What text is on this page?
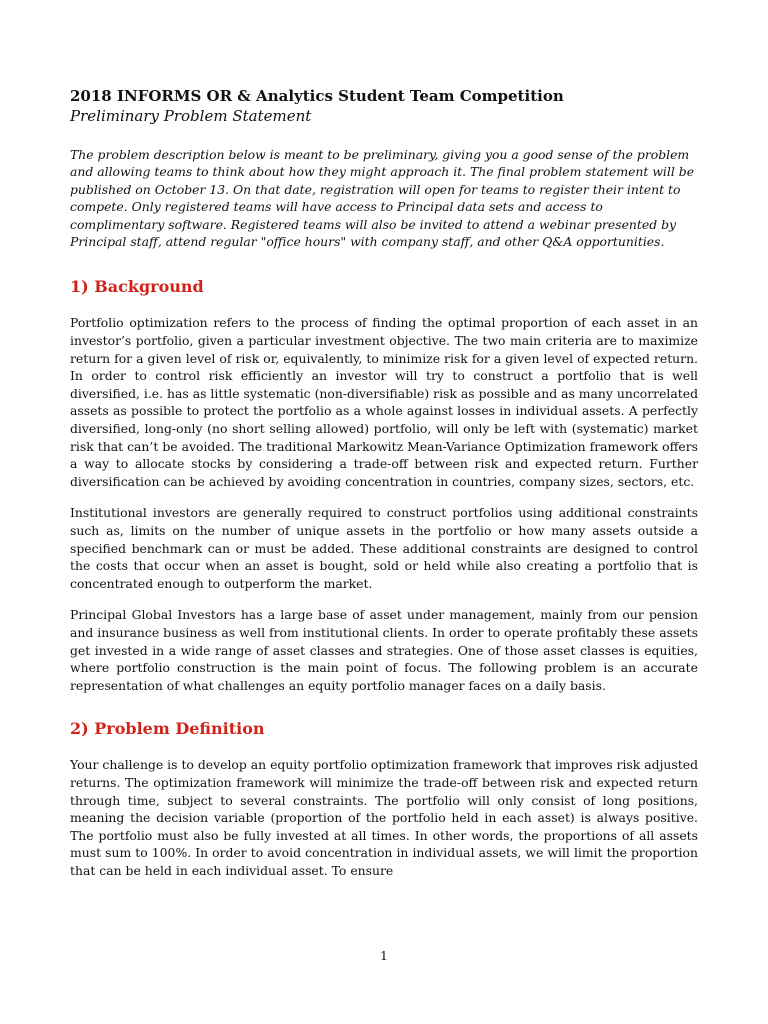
2018 INFORMS OR & Analytics Student Team Competition

Preliminary Problem Statement

The problem description below is meant to be preliminary, giving you a good sense of the problem and allowing teams to think about how they might approach it. The final problem statement will be published on October 13. On that date, registration will open for teams to register their intent to compete. Only registered teams will have access to Principal data sets and access to complimentary software. Registered teams will also be invited to attend a webinar presented by Principal staff, attend regular "office hours" with company staff, and other Q&A opportunities.

1) Background

Portfolio optimization refers to the process of finding the optimal proportion of each asset in an investor’s portfolio, given a particular investment objective. The two main criteria are to maximize return for a given level of risk or, equivalently, to minimize risk for a given level of expected return. In order to control risk efficiently an investor will try to construct a portfolio that is well diversified, i.e. has as little systematic (non-diversifiable) risk as possible and as many uncorrelated assets as possible to protect the portfolio as a whole against losses in individual assets. A perfectly diversified, long-only (no short selling allowed) portfolio, will only be left with (systematic) market risk that can’t be avoided. The traditional Markowitz Mean-Variance Optimization framework offers a way to allocate stocks by considering a trade-off between risk and expected return. Further diversification can be achieved by avoiding concentration in countries, company sizes, sectors, etc.

Institutional investors are generally required to construct portfolios using additional constraints such as, limits on the number of unique assets in the portfolio or how many assets outside a specified benchmark can or must be added. These additional constraints are designed to control the costs that occur when an asset is bought, sold or held while also creating a portfolio that is concentrated enough to outperform the market.

Principal Global Investors has a large base of asset under management, mainly from our pension and insurance business as well from institutional clients. In order to operate profitably these assets get invested in a wide range of asset classes and strategies. One of those asset classes is equities, where portfolio construction is the main point of focus. The following problem is an accurate representation of what challenges an equity portfolio manager faces on a daily basis.

2) Problem Definition

Your challenge is to develop an equity portfolio optimization framework that improves risk adjusted returns. The optimization framework will minimize the trade-off between risk and expected return through time, subject to several constraints. The portfolio will only consist of long positions, meaning the decision variable (proportion of the portfolio held in each asset) is always positive. The portfolio must also be fully invested at all times. In other words, the proportions of all assets must sum to 100%. In order to avoid concentration in individual assets, we will limit the proportion that can be held in each individual asset. To ensure

1
